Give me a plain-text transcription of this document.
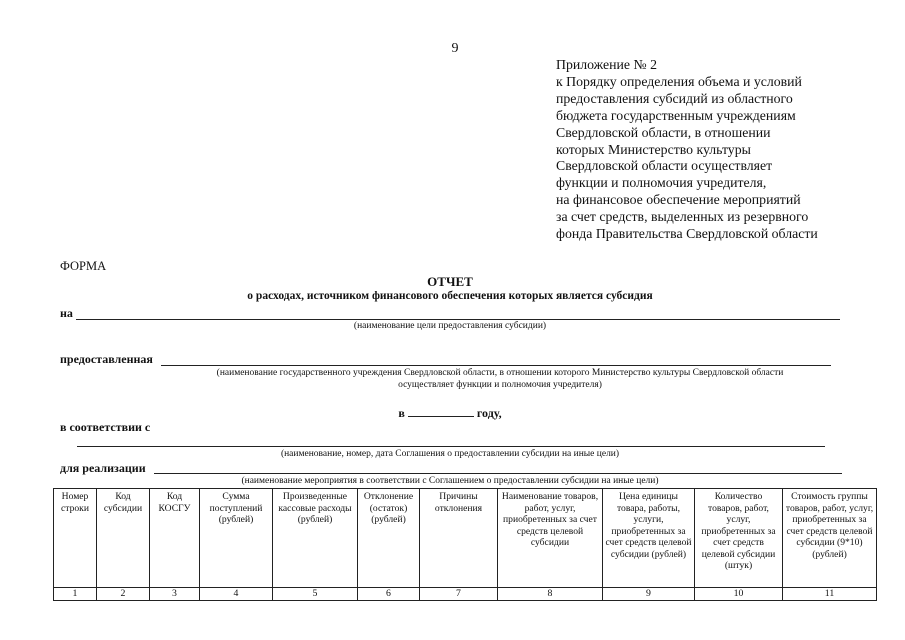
9
Приложение № 2
к Порядку определения объема и условий
предоставления субсидий из областного
бюджета государственным учреждениям
Свердловской области, в отношении
которых Министерство культуры
Свердловской области осуществляет
функции и полномочия учредителя,
на финансовое обеспечение мероприятий
за счет средств, выделенных из резервного
фонда Правительства Свердловской области
ФОРМА
ОТЧЕТ
о расходах, источником финансового обеспечения которых является субсидия
на
(наименование цели предоставления субсидии)
предоставленная
(наименование государственного учреждения Свердловской области, в отношении которого Министерство культуры Свердловской области
осуществляет функции и полномочия учредителя)
в	году,
в соответствии с
(наименование, номер, дата Соглашения о предоставлении субсидии на иные цели)
для реализации
(наименование мероприятия в соответствии с Соглашением о предоставлении субсидии на иные цели)
Номер строки	Код субсидии	Код КОСГУ	Сумма поступлений (рублей)	Произведенные кассовые расходы (рублей)	Отклонение (остаток) (рублей)	Причины отклонения	Наименование товаров, работ, услуг, приобретенных за счет средств целевой субсидии	Цена единицы товара, работы, услуги, приобретенных за счет средств целевой субсидии (рублей)	Количество товаров, работ, услуг, приобретенных за счет средств целевой субсидии (штук)	Стоимость группы товаров, работ, услуг, приобретенных за счет средств целевой субсидии (9*10) (рублей)
1	2	3	4	5	6	7	8	9	10	11
